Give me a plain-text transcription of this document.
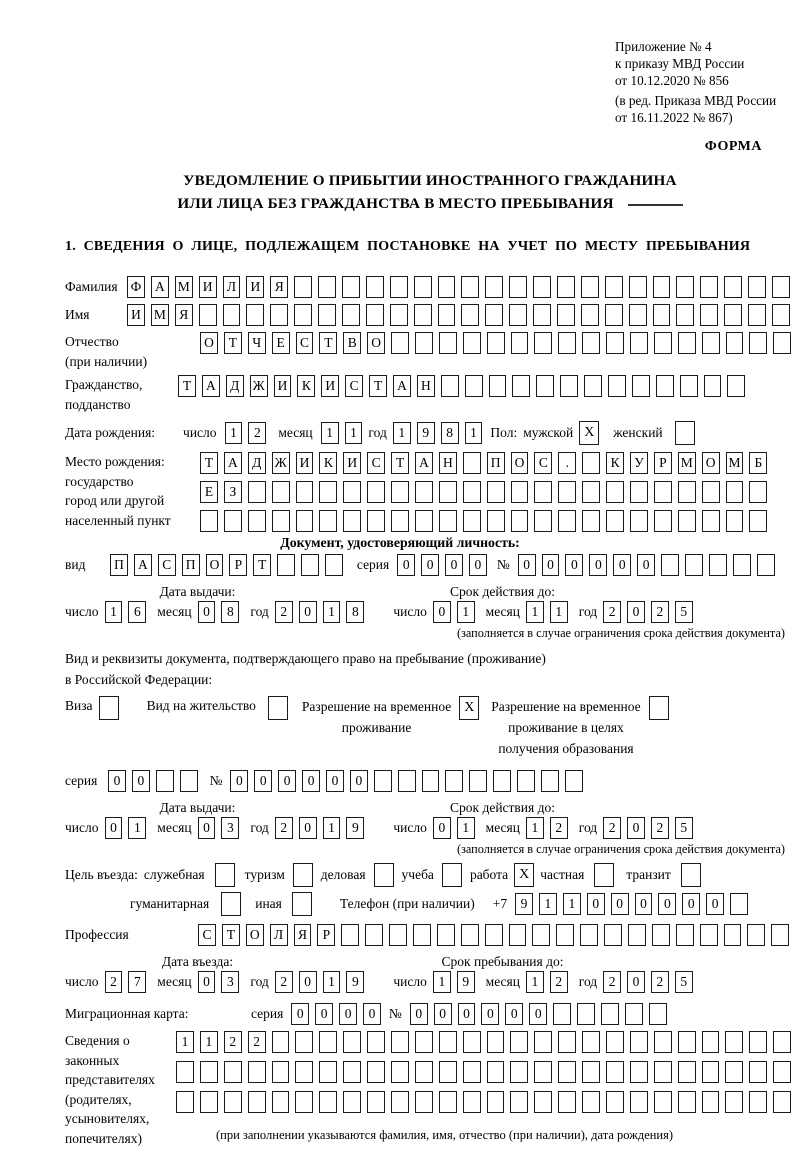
Приложение № 4
к приказу МВД России
от 10.12.2020 № 856
(в ред. Приказа МВД России
от 16.11.2022 № 867)
ФОРМА
УВЕДОМЛЕНИЕ О ПРИБЫТИИ ИНОСТРАННОГО ГРАЖДАНИНА
ИЛИ ЛИЦА БЕЗ ГРАЖДАНСТВА В МЕСТО ПРЕБЫВАНИЯ
1. СВЕДЕНИЯ О ЛИЦЕ, ПОДЛЕЖАЩЕМ ПОСТАНОВКЕ НА УЧЕТ ПО МЕСТУ ПРЕБЫВАНИЯ
Фамилия Ф	А М И	Л	И	Я
Имя	И М Я
Отчество
(при наличии)
О	Т	Ч	Е	С	Т	В	О
Гражданство,
подданство
Т	А	Д Ж И	К	И	С	Т	А	Н
Дата рождения: число	1	2	месяц	1	1 год 1	9	8	1	Пол: мужской X	женский
Место рождения:
государство
город или другой
населенный пункт
Т	А	Д Ж И	К	И	С	Т	А	Н	П	О	С	.	К	У	Р	М О М	Б
Е	З
Документ, удостоверяющий личность:
вид	П	А	С	П	О	Р	Т	серия	0	0	0	0	№	0	0	0	0	0	0
Дата выдачи:	Срок действия до:
число 1	6	месяц 0	8	год 2	0	1	8	число 0	1	месяц 1	1	год 2	0	2	5
(заполняется в случае ограничения срока действия документа)
Вид и реквизиты документа, подтверждающего право на пребывание (проживание)
в Российской Федерации:
Виза	Вид на жительство	Разрешение на временное
проживание
X	Разрешение на временное
проживание в целях
получения образования
серия	0	0	№	0	0	0	0	0	0
Дата выдачи:	Срок действия до:
число 0	1	месяц 0	3	год 2	0	1	9	число 0	1	месяц 1	2	год 2	0	2	5
(заполняется в случае ограничения срока действия документа)
Цель въезда: служебная	туризм	деловая	учеба	работа X частная	транзит
гуманитарная	иная	Телефон (при наличии) +7	9	1	1	0	0	0	0	0	0
Профессия	С	Т	О	Л	Я	Р
Дата въезда:	Срок пребывания до:
число 2	7	месяц 0	3	год 2	0	1	9	число 1	9	месяц 1	2	год 2	0	2	5
Миграционная карта:	серия	0	0	0	0	№	0	0	0	0	0	0
Сведения о
законных
представителях
(родителях,
усыновителях,
попечителях)
1	1	2	2
(при заполнении указываются фамилия, имя, отчество (при наличии), дата рождения)
